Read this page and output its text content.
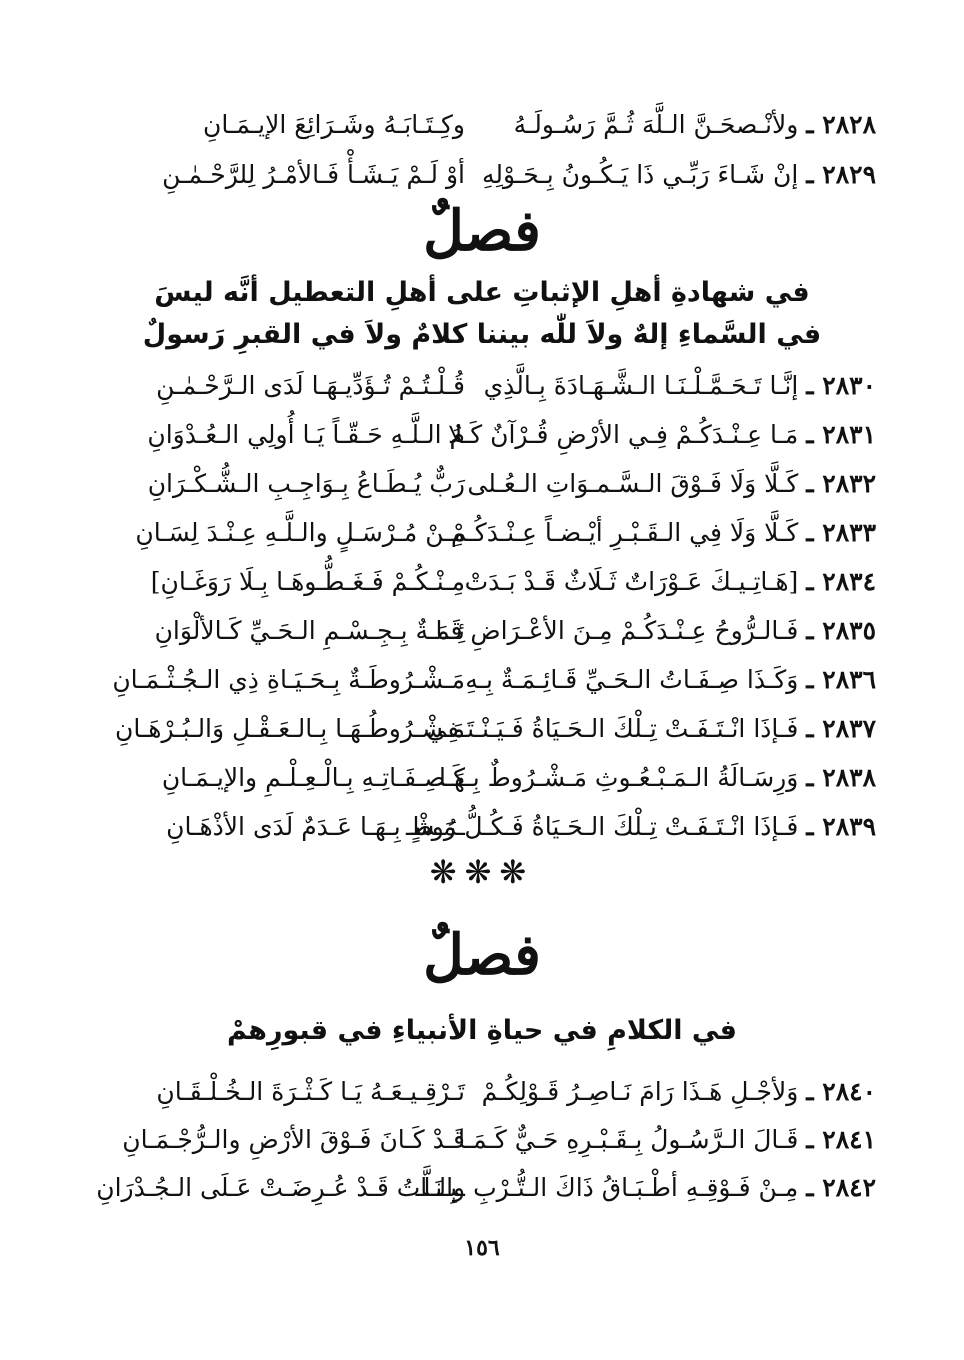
٢٨٢٨ ـ ولأنْـصحَـنَّ الـلَّهَ ثُـمَّ رَسُـولَـهُ
وكِـتَـابَـهُ وشَـرَائِعَ الإيـمَـانِ
٢٨٢٩ ـ إنْ شَـاءَ رَبِّـي ذَا يَـكُـونُ بِـحَـوْلِهِ
أوْ لَـمْ يَـشَـأْ فَـالأمْـرُ لِلرَّحْـمٰـنِ
فصلٌ
في شهادةِ أهلِ الإثباتِ على أهلِ التعطيل أنَّه ليسَ
في السَّماءِ إلهٌ ولاَ للّٰه بيننا كلامٌ ولاَ في القبرِ رَسولٌ
٢٨٣٠ ـ إنَّـا تَـحَـمَّـلْـنَـا الـشَّـهَـادَةَ بِـالَّذِي
قُـلْـتُـمْ تُـؤَدِّيـهَـا لَدَى الـرَّحْـمٰـنِ
٢٨٣١ ـ مَـا عِـنْـدَكُـمْ فِـي الأرْضِ قُـرْآنٌ كَـلا
مُ الـلَّـهِ حَـقّـاً يَـا أُولِي الـعُـدْوَانِ
٢٨٣٢ ـ كَـلَّا وَلَا فَـوْقَ الـسَّـمـوَاتِ الـعُـلى
رَبٌّ يُـطَـاعُ بِـوَاجِـبِ الـشُّـكْـرَانِ
٢٨٣٣ ـ كَـلَّا وَلَا فِي الـقَـبْـرِ أيْـضـاً عِـنْـدَكُـمْ
مِـنْ مُـرْسَـلٍ والـلَّـهِ عِـنْـدَ لِسَـانِ
٢٨٣٤ ـ [هَـاتِـيـكَ عَـوْرَاتٌ ثَـلَاثٌ قَـدْ بَـدَتْ
مِـنْـكُـمْ فَـغَـطُّـوهَـا بِـلَا رَوَغَـانِ]
٢٨٣٥ ـ فَـالـرُّوحُ عِـنْـدَكُـمْ مِـنَ الأعْـرَاضِ قَـا
ئِـمَـةٌ بِـجِـسْـمِ الـحَـيِّ كَـالألْوَانِ
٢٨٣٦ ـ وَكَـذَا صِـفَـاتُ الـحَـيِّ قَـائِـمَـةٌ بِـهِ
مَـشْـرُوطَـةٌ بِـحَـيَـاةِ ذِي الـجُـثْـمَـانِ
٢٨٣٧ ـ فَـإذَا انْـتَـفَـتْ تِـلْكَ الـحَـيَاةُ فَـيَـنْـتَـفِي
مَـشْـرُوطُـهَـا بِـالـعَـقْـلِ وَالـبُـرْهَـانِ
٢٨٣٨ ـ وَرِسَـالَةُ الـمَـبْـعُـوثِ مَـشْـرُوطٌ بِـهَـا
كَـصِـفَـاتِـهِ بِـالْـعِـلْـمِ والإيـمَـانِ
٢٨٣٩ ـ فَـإذَا انْـتَـفَـتْ تِـلْكَ الـحَـيَاةُ فَـكُـلُّ مَـشْـ
ـرُوطٍ بِـهَـا عَـدَمٌ لَدَى الأذْهَـانِ
❋❋❋
فصلٌ
في الكلامِ في حياةِ الأنبياءِ في قبورِهمْ
٢٨٤٠ ـ وَلأجْـلِ هَـذَا رَامَ نَـاصِـرُ قَـوْلِكُـمْ
تَـرْقِـيـعَـهُ يَـا كَـثْـرَةَ الـخُـلْـقَـانِ
٢٨٤١ ـ قَـالَ الـرَّسُـولُ بِـقَـبْـرِهِ حَـيٌّ كَـمَـا
قَـدْ كَـانَ فَـوْقَ الأرْضِ والـرُّجْـمَـانِ
٢٨٤٢ ـ مِـنْ فَـوْقِـهِ أطْـبَـاقُ ذَاكَ الـتُّـرْبِ والـلَّـ
ـبِـنَـاتُ قَـدْ عُـرِضَـتْ عَـلَى الـجُـدْرَانِ
١٥٦
